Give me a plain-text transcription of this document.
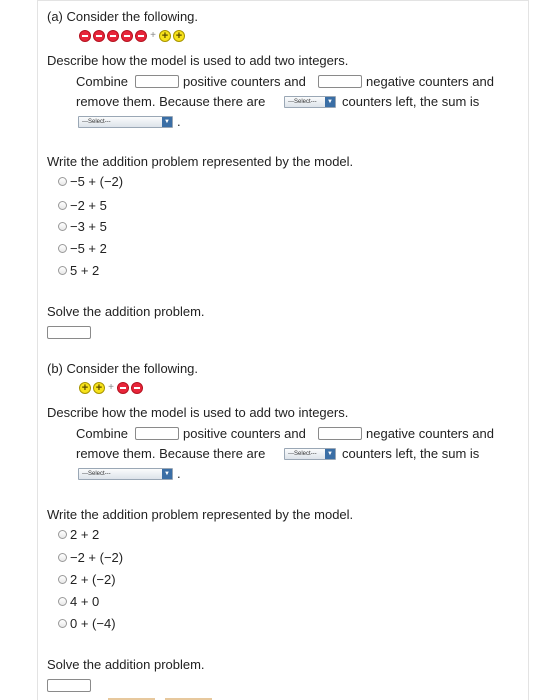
(a) Consider the following.
+
+
+
Describe how the model is used to add two integers.
Combine	positive counters and	negative counters and
remove them. Because there are	---Select---	▼ counters left, the sum is
---Select---	▼ .
Write the addition problem represented by the model.
−5 + (−2)
−2 + 5
−3 + 5
−5 + 2
5 + 2
Solve the addition problem.
(b) Consider the following.
+
+
+
Describe how the model is used to add two integers.
Combine	positive counters and	negative counters and
remove them. Because there are	---Select---	▼ counters left, the sum is
---Select---	▼ .
Write the addition problem represented by the model.
2 + 2
−2 + (−2)
2 + (−2)
4 + 0
0 + (−4)
Solve the addition problem.
